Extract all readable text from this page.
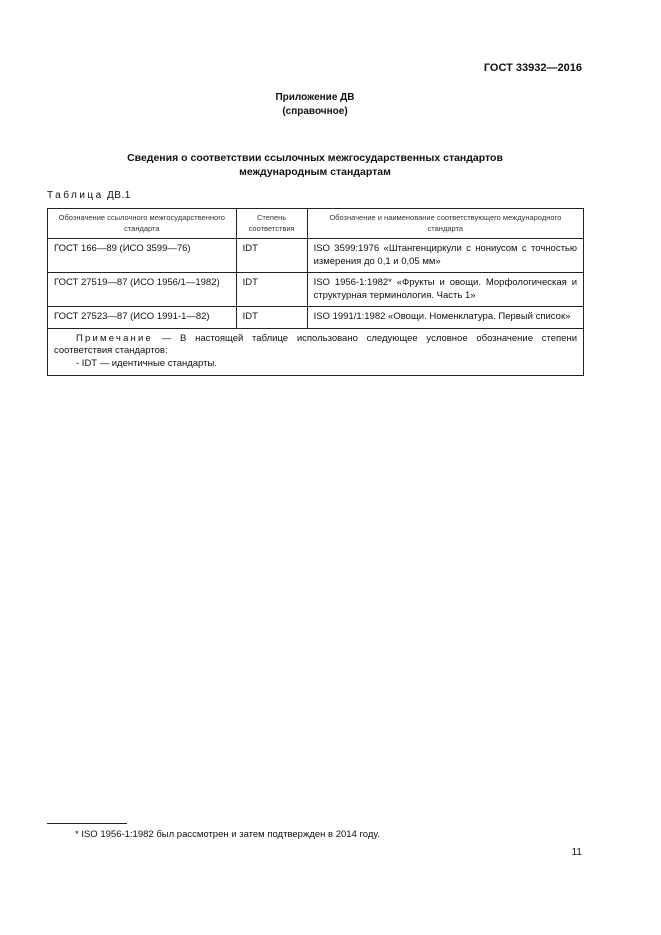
ГОСТ 33932—2016
Приложение ДВ
(справочное)
Сведения о соответствии ссылочных межгосударственных стандартов
международным стандартам
Таблица ДВ.1
Обозначение ссылочного межгосударственного стандарта	Степень соответствия	Обозначение и наименование соответствующего международного стандарта
ГОСТ 166—89 (ИСО 3599—76)	IDT	ISO 3599:1976 «Штангенциркули с нониусом с точностью измерения до 0,1 и 0,05 мм»
ГОСТ 27519—87 (ИСО 1956/1—1982)	IDT	ISO 1956-1:1982* «Фрукты и овощи. Морфологическая и структурная терминология. Часть 1»
ГОСТ 27523—87 (ИСО 1991-1—82)	IDT	ISO 1991/1:1982 «Овощи. Номенклатура. Первый список»
Примечание — В настоящей таблице использовано следующее условное обозначение степени соответствия стандартов:
- IDT — идентичные стандарты.		
* ISO 1956-1:1982 был рассмотрен и затем подтвержден в 2014 году.
11
